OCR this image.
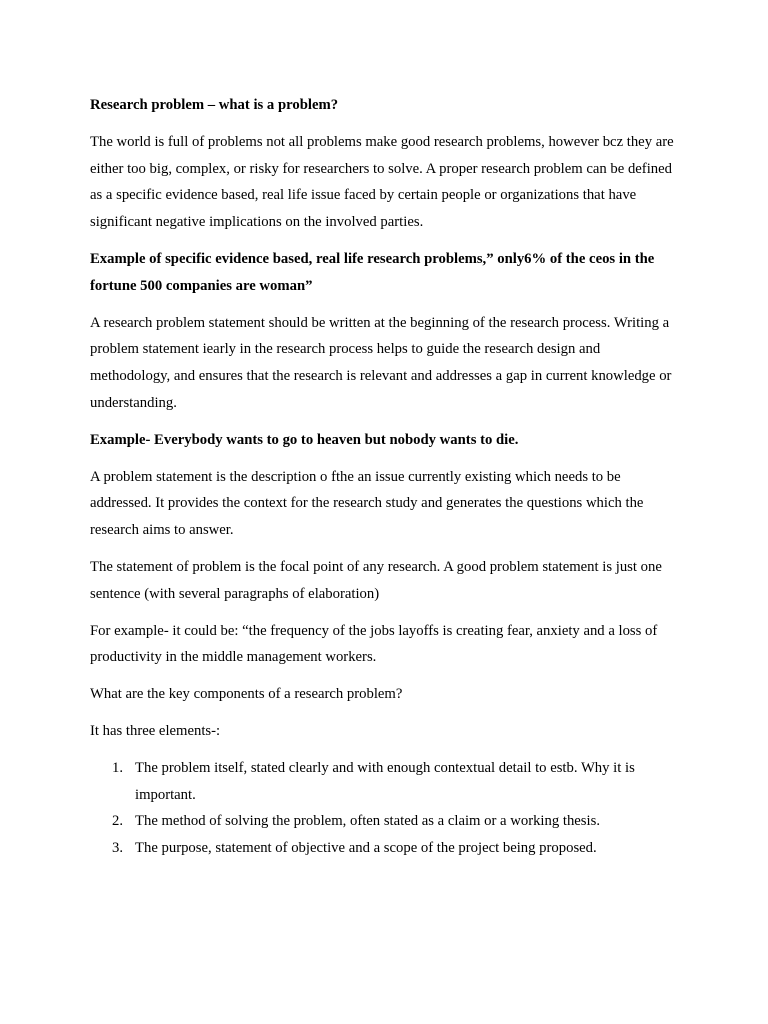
Research problem – what is a problem?

The world is full of problems not all problems make good research problems, however bcz they are either too big, complex, or risky for researchers to solve. A proper research problem can be defined as a specific evidence based, real life issue faced by certain people or organizations that have significant negative implications on the involved parties.

Example of specific evidence based, real life research problems,” only6% of the ceos in the fortune 500 companies are woman”

A research problem statement should be written at the beginning of the research process. Writing a problem statement iearly in the research process helps to guide the research design and methodology, and ensures that the research is relevant and addresses a gap in current knowledge or understanding.

Example- Everybody wants to go to heaven but nobody wants to die.

A problem statement is the description o fthe an issue currently existing which needs to be addressed. It provides the context for the research study and generates the questions which the research aims to answer.

The statement of problem is the focal point of any research. A good problem statement is just one sentence (with several paragraphs of elaboration)

For example- it could be: “the frequency of the jobs layoffs is creating fear, anxiety and a loss of productivity in the middle management workers.

What are the key components of a research problem?

It has three elements-:

1. The problem itself, stated clearly and with enough contextual detail to estb. Why it is important.
2. The method of solving the problem, often stated as a claim or a working thesis.
3. The purpose, statement of objective and a scope of the project being proposed.
